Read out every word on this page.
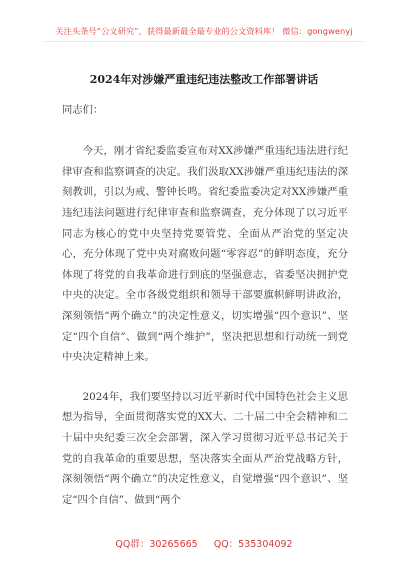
关注头条号“公文研究”，获得最新最全最专业的公文资料库！ 微信：gongwenyj
2024年对涉嫌严重违纪违法整改工作部署讲话

同志们：

今天，刚才省纪委监委宣布对XX涉嫌严重违纪违法进行纪律审查和监察调查的决定。我们汲取XX涉嫌严重违纪违法的深刻教训，引以为戒、警钟长鸣。省纪委监委决定对XX涉嫌严重违纪违法问题进行纪律审查和监察调查，充分体现了以习近平同志为核心的党中央坚持党要管党、全面从严治党的坚定决心，充分体现了党中央对腐败问题“零容忍”的鲜明态度，充分体现了将党的自我革命进行到底的坚强意志，省委坚决拥护党中央的决定。全市各级党组织和领导干部要旗帜鲜明讲政治，深刻领悟“两个确立”的决定性意义，切实增强“四个意识”、坚定“四个自信”、做到“两个维护”，坚决把思想和行动统一到党中央决定精神上来。

2024年，我们要坚持以习近平新时代中国特色社会主义思想为指导，全面贯彻落实党的XX大、二十届二中全会精神和二十届中央纪委三次全会部署，深入学习贯彻习近平总书记关于党的自我革命的重要思想，坚决落实全面从严治党战略方针，深刻领悟“两个确立”的决定性意义，自觉增强“四个意识”、坚定“四个自信”、做到“两个

QQ群：30265665 QQ：535304092
